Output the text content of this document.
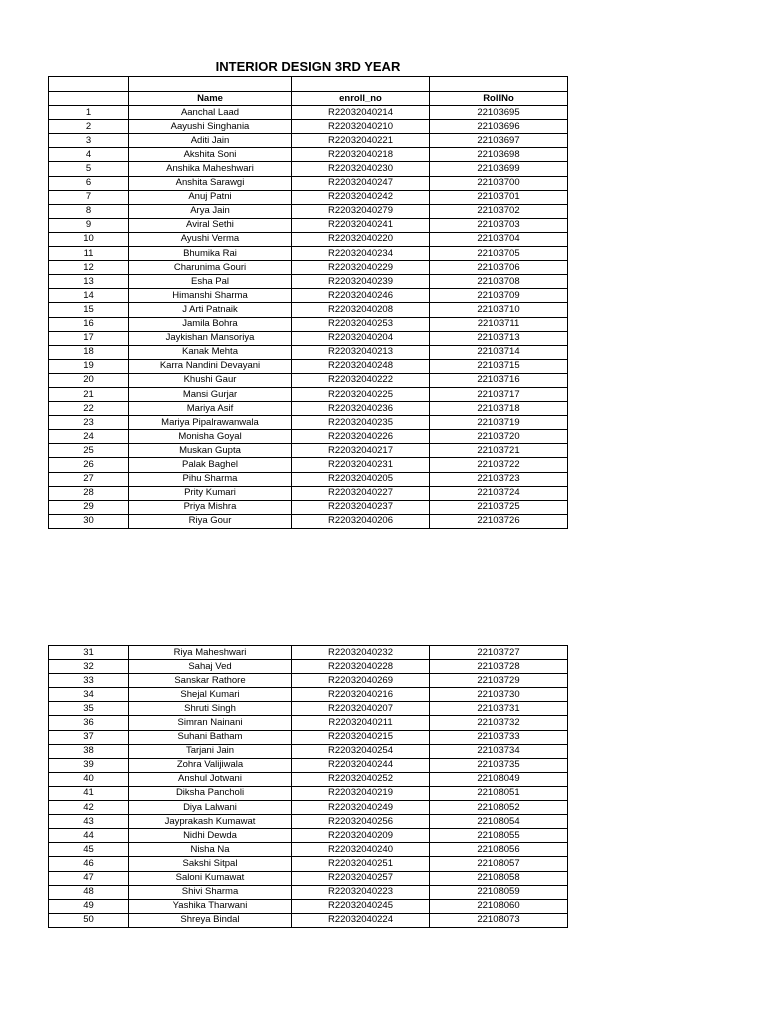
INTERIOR DESIGN 3RD YEAR

	Name	enroll_no	RollNo
1	Aanchal Laad	R22032040214	22103695
2	Aayushi Singhania	R22032040210	22103696
3	Aditi Jain	R22032040221	22103697
4	Akshita Soni	R22032040218	22103698
5	Anshika Maheshwari	R22032040230	22103699
6	Anshita Sarawgi	R22032040247	22103700
7	Anuj Patni	R22032040242	22103701
8	Arya Jain	R22032040279	22103702
9	Aviral Sethi	R22032040241	22103703
10	Ayushi Verma	R22032040220	22103704
11	Bhumika Rai	R22032040234	22103705
12	Charunima Gouri	R22032040229	22103706
13	Esha Pal	R22032040239	22103708
14	Himanshi Sharma	R22032040246	22103709
15	J Arti Patnaik	R22032040208	22103710
16	Jamila Bohra	R22032040253	22103711
17	Jaykishan Mansoriya	R22032040204	22103713
18	Kanak Mehta	R22032040213	22103714
19	Karra Nandini Devayani	R22032040248	22103715
20	Khushi Gaur	R22032040222	22103716
21	Mansi Gurjar	R22032040225	22103717
22	Mariya Asif	R22032040236	22103718
23	Mariya Pipalrawanwala	R22032040235	22103719
24	Monisha Goyal	R22032040226	22103720
25	Muskan Gupta	R22032040217	22103721
26	Palak Baghel	R22032040231	22103722
27	Pihu Sharma	R22032040205	22103723
28	Prity Kumari	R22032040227	22103724
29	Priya Mishra	R22032040237	22103725
30	Riya Gour	R22032040206	22103726
31	Riya Maheshwari	R22032040232	22103727
32	Sahaj Ved	R22032040228	22103728
33	Sanskar Rathore	R22032040269	22103729
34	Shejal Kumari	R22032040216	22103730
35	Shruti Singh	R22032040207	22103731
36	Simran Nainani	R22032040211	22103732
37	Suhani Batham	R22032040215	22103733
38	Tarjani Jain	R22032040254	22103734
39	Zohra Valijiwala	R22032040244	22103735
40	Anshul Jotwani	R22032040252	22108049
41	Diksha Pancholi	R22032040219	22108051
42	Diya Lalwani	R22032040249	22108052
43	Jayprakash Kumawat	R22032040256	22108054
44	Nidhi Dewda	R22032040209	22108055
45	Nisha Na	R22032040240	22108056
46	Sakshi Sitpal	R22032040251	22108057
47	Saloni Kumawat	R22032040257	22108058
48	Shivi Sharma	R22032040223	22108059
49	Yashika Tharwani	R22032040245	22108060
50	Shreya Bindal	R22032040224	22108073
